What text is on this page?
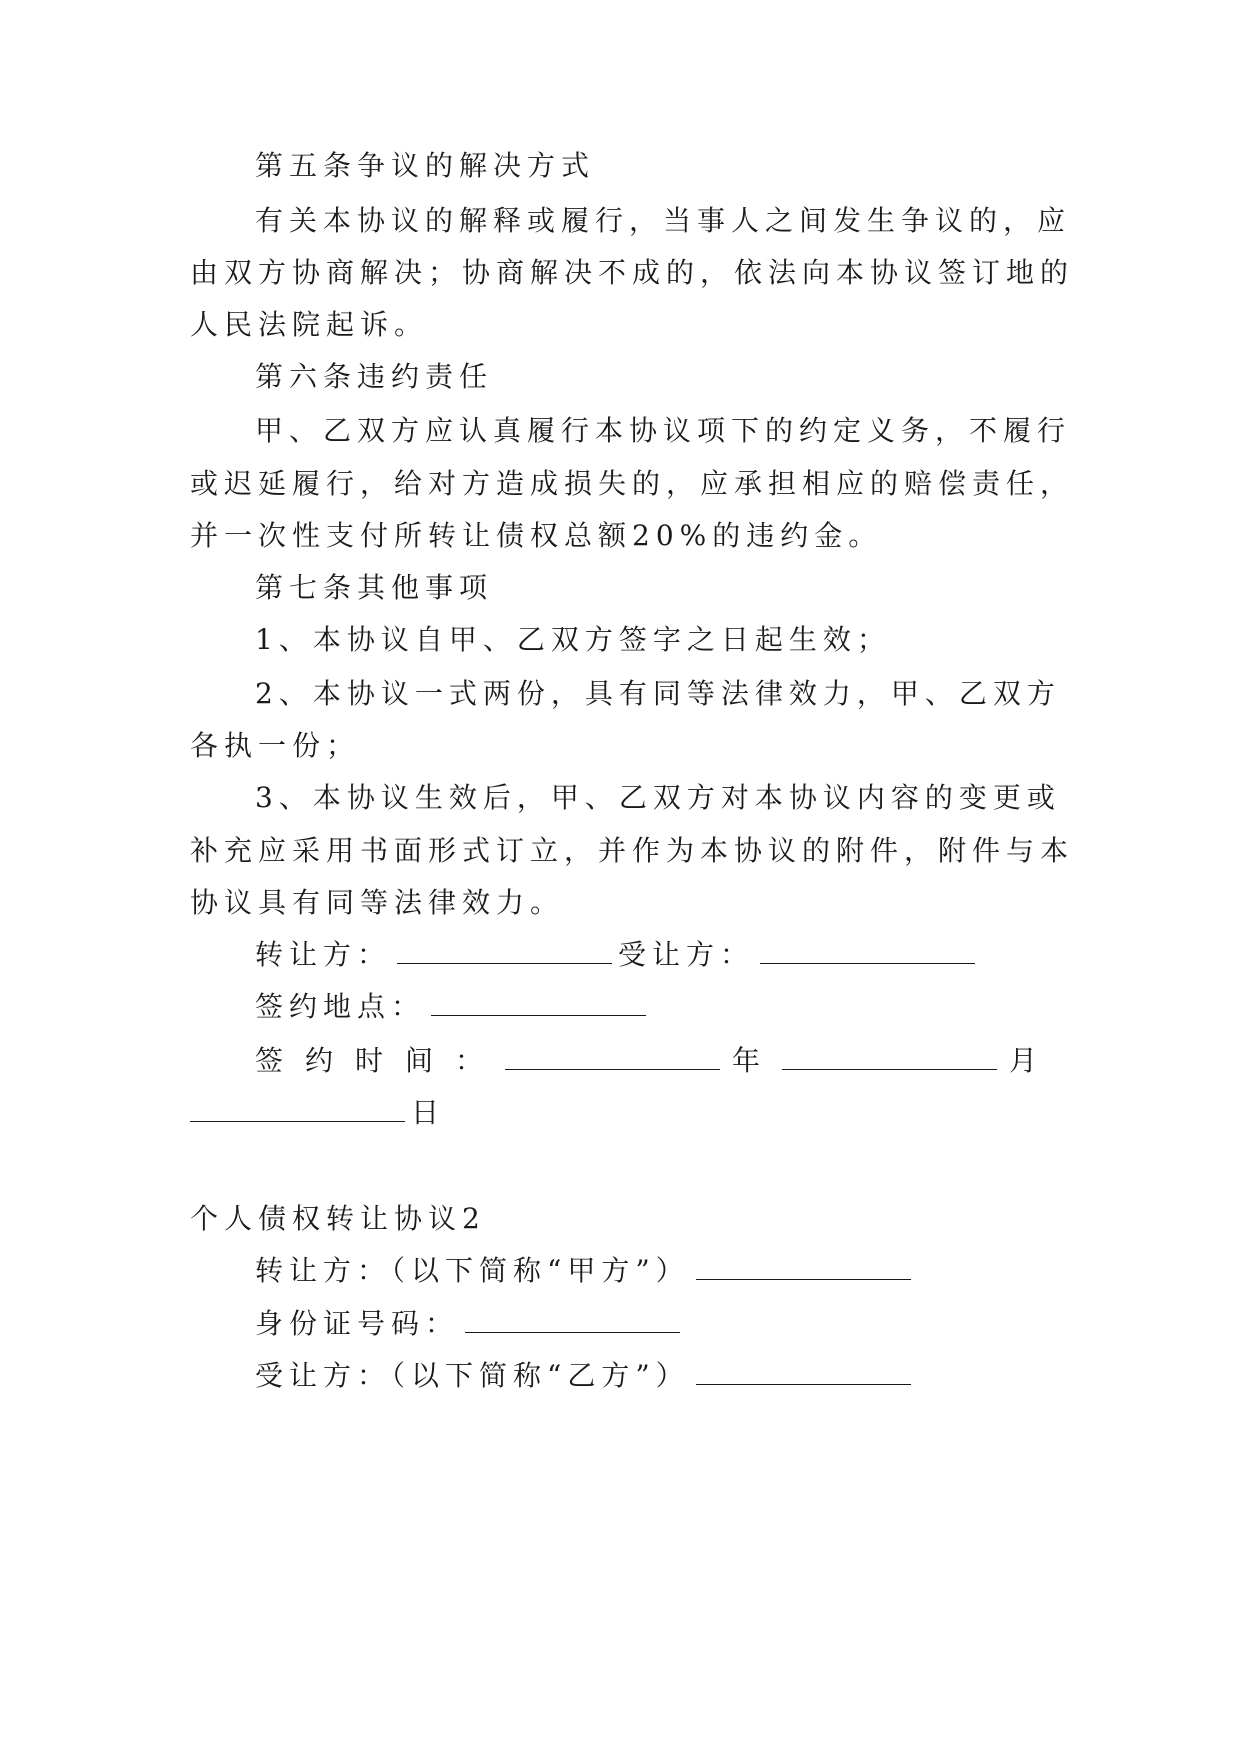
第五条争议的解决方式
有关本协议的解释或履行，当事人之间发生争议的，应
由双方协商解决；协商解决不成的，依法向本协议签订地的
人民法院起诉。
第六条违约责任
甲、乙双方应认真履行本协议项下的约定义务，不履行
或迟延履行，给对方造成损失的，应承担相应的赔偿责任，
并一次性支付所转让债权总额20%的违约金。
第七条其他事项
1、本协议自甲、乙双方签字之日起生效；
2、本协议一式两份，具有同等法律效力，甲、乙双方
各执一份；
3、本协议生效后，甲、乙双方对本协议内容的变更或
补充应采用书面形式订立，并作为本协议的附件，附件与本
协议具有同等法律效力。
转让方：	受让方：
签约地点：
签约时间：	年	月
日
个人债权转让协议2
转让方：（以下简称“甲方”）
身份证号码：
受让方：（以下简称“乙方”）
